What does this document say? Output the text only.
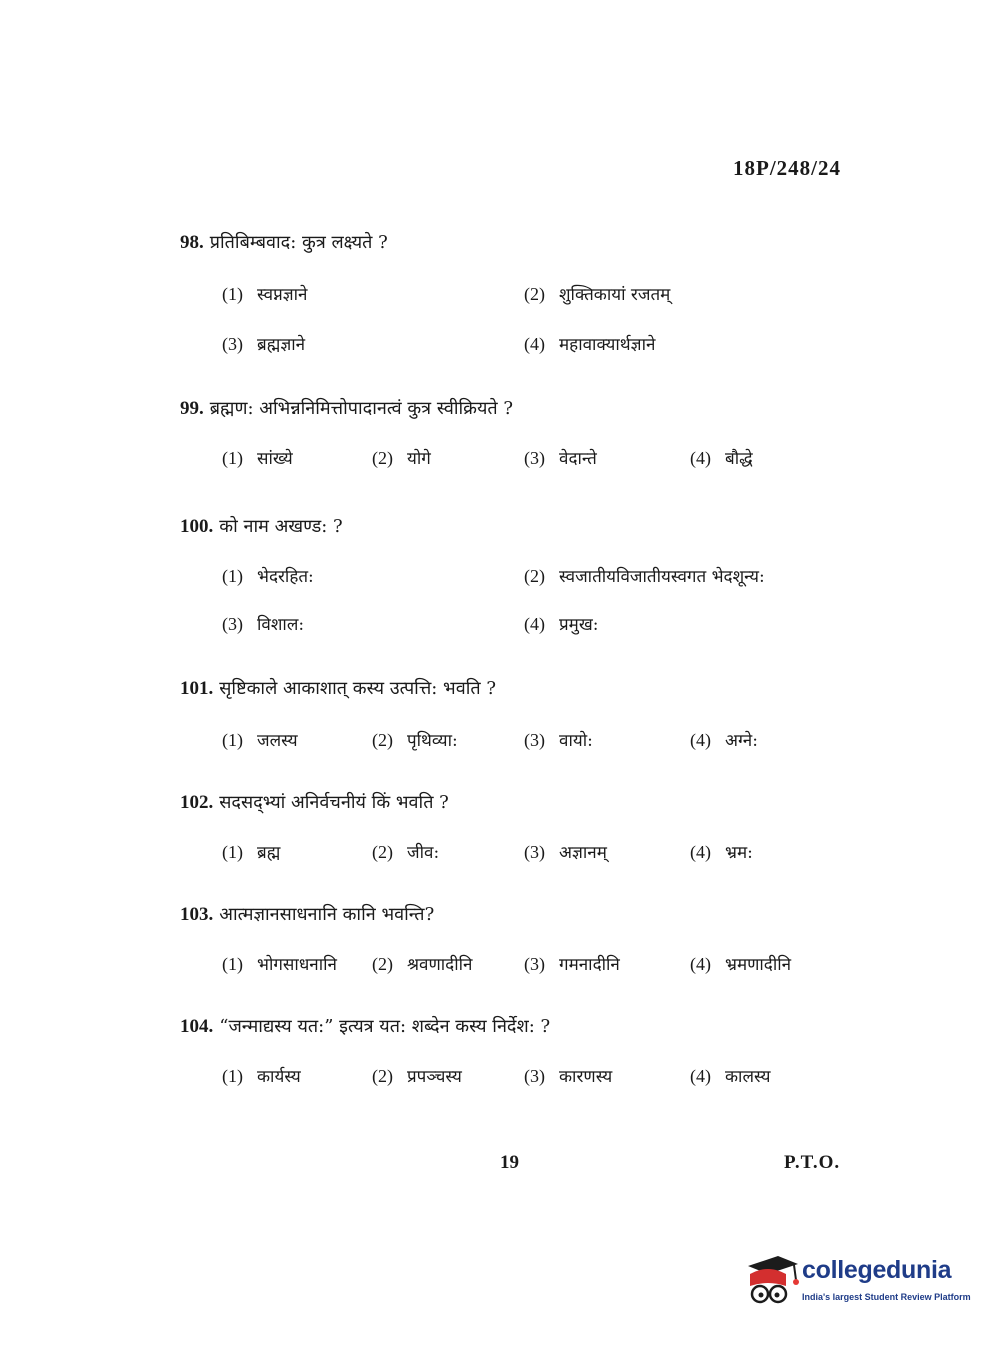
18P/248/24
98. प्रतिबिम्बवाद: कुत्र लक्ष्यते ?
(1) स्वप्नज्ञाने	(2) शुक्तिकायां रजतम्
(3) ब्रह्मज्ञाने	(4) महावाक्यार्थज्ञाने
99. ब्रह्मण: अभिन्ननिमित्तोपादानत्वं कुत्र स्वीक्रियते ?
(1) सांख्ये	(2) योगे	(3) वेदान्ते	(4) बौद्धे
100. को नाम अखण्ड: ?
(1) भेदरहित:	(2) स्वजातीयविजातीयस्वगत भेदशून्य:
(3) विशाल:	(4) प्रमुख:
101. सृष्टिकाले आकाशात् कस्य उत्पत्ति: भवति ?
(1) जलस्य	(2) पृथिव्या:	(3) वायो:	(4) अग्ने:
102. सदसद्भ्यां अनिर्वचनीयं किं भवति ?
(1) ब्रह्म	(2) जीव:	(3) अज्ञानम्	(4) भ्रम:
103. आत्मज्ञानसाधनानि कानि भवन्ति?
(1) भोगसाधनानि (2) श्रवणादीनि	(3) गमनादीनि	(4) भ्रमणादीनि
104. “जन्माद्यस्य यत:” इत्यत्र यत: शब्देन कस्य निर्देश: ?
(1) कार्यस्य	(2) प्रपञ्चस्य	(3) कारणस्य	(4) कालस्य
19	P.T.O.
collegedunia
India's largest Student Review Platform
